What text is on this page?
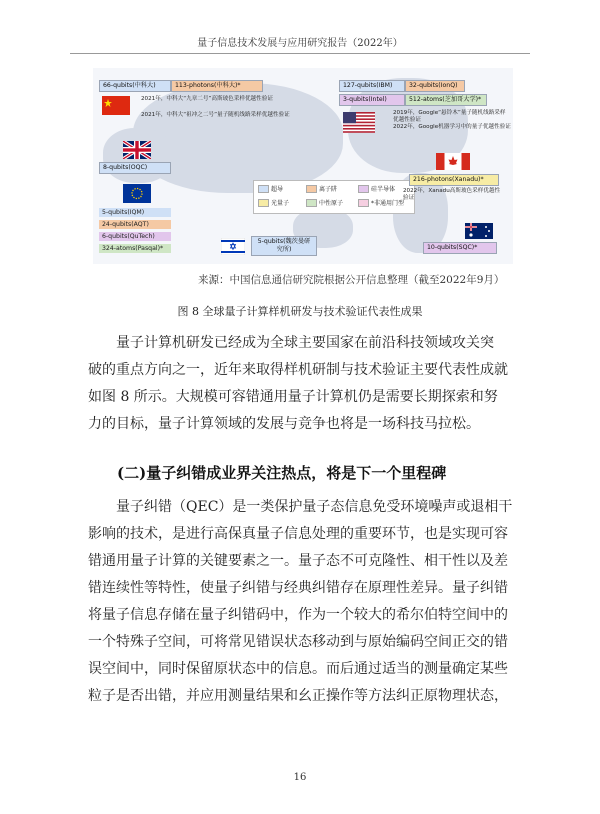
量子信息技术发展与应用研究报告（2022年）
66-qubits(中科大)	113-photons(中科大)*
2021年，中科大“九章二号”高斯玻色采样优越性验证
2021年，中科大“祖冲之二号”量子随机线路采样优越性验证
8-qubits(OQC)
5-qubits(IQM)
24-qubits(AQT)
6-qubits(QuTech)
324-atoms(Pasqal)*
5-qubits(魏茨曼研究所)
超导	离子阱	硅半导体
光量子	中性原子	*非通用门型
127-qubits(IBM)	32-qubits(IonQ)
3-qubits(Intel)	512-atoms(芝加哥大学)*
2019年，Google“悬铃木”量子随机线路采样优越性验证
2022年，Google机器学习中的量子优越性验证
216-photons(Xanadu)*
2022年，Xanadu高斯玻色采样优越性验证
10-qubits(SQC)*
来源：中国信息通信研究院根据公开信息整理（截至2022年9月）
图 8 全球量子计算样机研发与技术验证代表性成果
量子计算机研发已经成为全球主要国家在前沿科技领域攻关突
破的重点方向之一，近年来取得样机研制与技术验证主要代表性成就
如图 8 所示。大规模可容错通用量子计算机仍是需要长期探索和努
力的目标，量子计算领域的发展与竞争也将是一场科技马拉松。
(二)量子纠错成业界关注热点，将是下一个里程碑
量子纠错（QEC）是一类保护量子态信息免受环境噪声或退相干
影响的技术，是进行高保真量子信息处理的重要环节，也是实现可容
错通用量子计算的关键要素之一。量子态不可克隆性、相干性以及差
错连续性等特性，使量子纠错与经典纠错存在原理性差异。量子纠错
将量子信息存储在量子纠错码中，作为一个较大的希尔伯特空间中的
一个特殊子空间，可将常见错误状态移动到与原始编码空间正交的错
误空间中，同时保留原状态中的信息。而后通过适当的测量确定某些
粒子是否出错，并应用测量结果和幺正操作等方法纠正原物理状态，
16
